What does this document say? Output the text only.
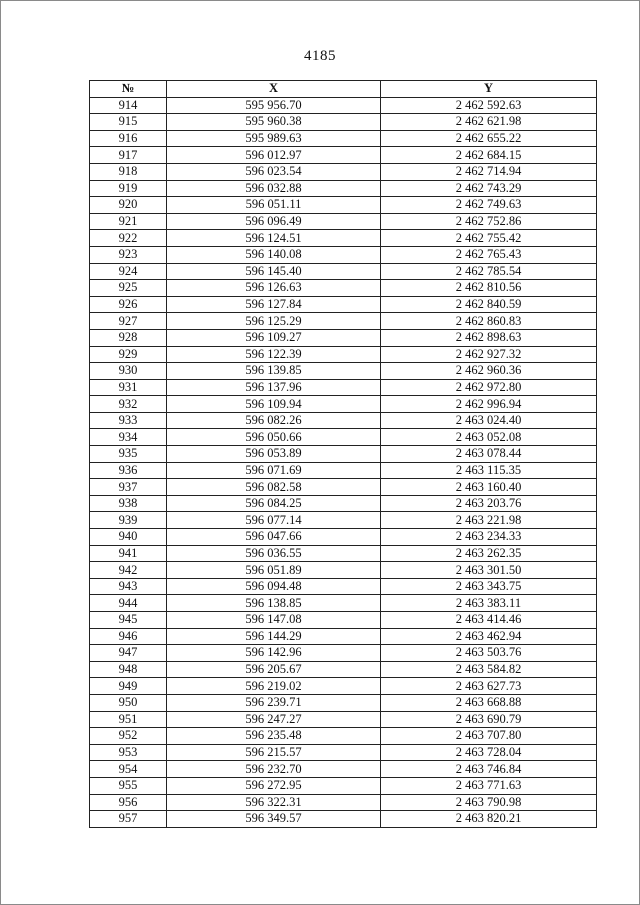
4185
№	X	Y
914	595 956.70	2 462 592.63
915	595 960.38	2 462 621.98
916	595 989.63	2 462 655.22
917	596 012.97	2 462 684.15
918	596 023.54	2 462 714.94
919	596 032.88	2 462 743.29
920	596 051.11	2 462 749.63
921	596 096.49	2 462 752.86
922	596 124.51	2 462 755.42
923	596 140.08	2 462 765.43
924	596 145.40	2 462 785.54
925	596 126.63	2 462 810.56
926	596 127.84	2 462 840.59
927	596 125.29	2 462 860.83
928	596 109.27	2 462 898.63
929	596 122.39	2 462 927.32
930	596 139.85	2 462 960.36
931	596 137.96	2 462 972.80
932	596 109.94	2 462 996.94
933	596 082.26	2 463 024.40
934	596 050.66	2 463 052.08
935	596 053.89	2 463 078.44
936	596 071.69	2 463 115.35
937	596 082.58	2 463 160.40
938	596 084.25	2 463 203.76
939	596 077.14	2 463 221.98
940	596 047.66	2 463 234.33
941	596 036.55	2 463 262.35
942	596 051.89	2 463 301.50
943	596 094.48	2 463 343.75
944	596 138.85	2 463 383.11
945	596 147.08	2 463 414.46
946	596 144.29	2 463 462.94
947	596 142.96	2 463 503.76
948	596 205.67	2 463 584.82
949	596 219.02	2 463 627.73
950	596 239.71	2 463 668.88
951	596 247.27	2 463 690.79
952	596 235.48	2 463 707.80
953	596 215.57	2 463 728.04
954	596 232.70	2 463 746.84
955	596 272.95	2 463 771.63
956	596 322.31	2 463 790.98
957	596 349.57	2 463 820.21
